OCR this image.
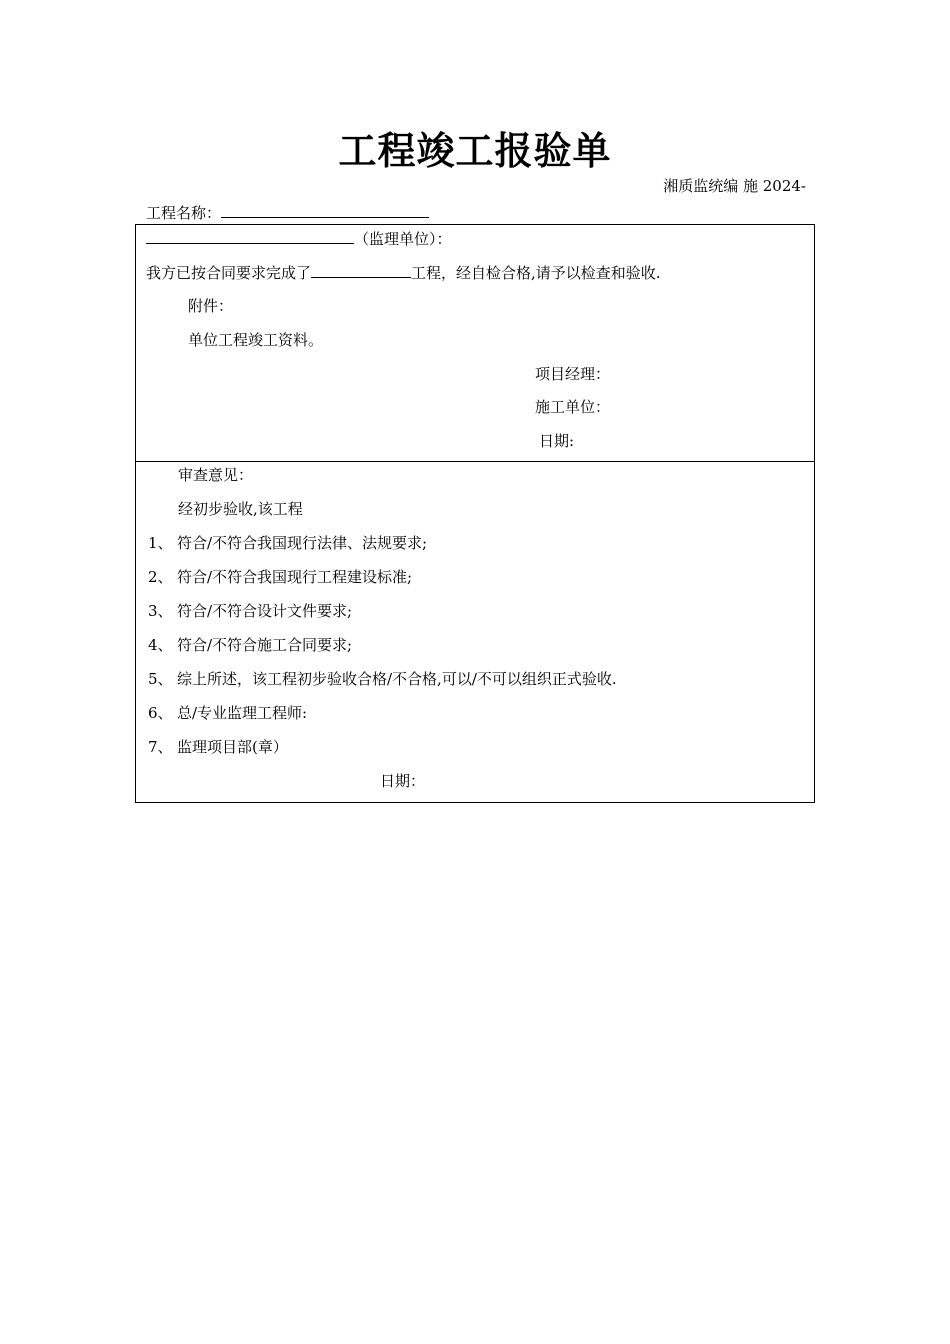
工程竣工报验单
湘质监统编 施 2024-
工程名称：
（监理单位）：
我方已按合同要求完成了	工程，经自检合格,请予以检查和验收.
附件：
单位工程竣工资料。
项目经理：
施工单位：
日期:
审查意见：
经初步验收,该工程
1、 符合/不符合我国现行法律、法规要求;
2、 符合/不符合我国现行工程建设标准;
3、 符合/不符合设计文件要求;
4、 符合/不符合施工合同要求;
5、 综上所述，该工程初步验收合格/不合格,可以/不可以组织正式验收.
6、 总/专业监理工程师:
7、 监理项目部(章）
日期：
